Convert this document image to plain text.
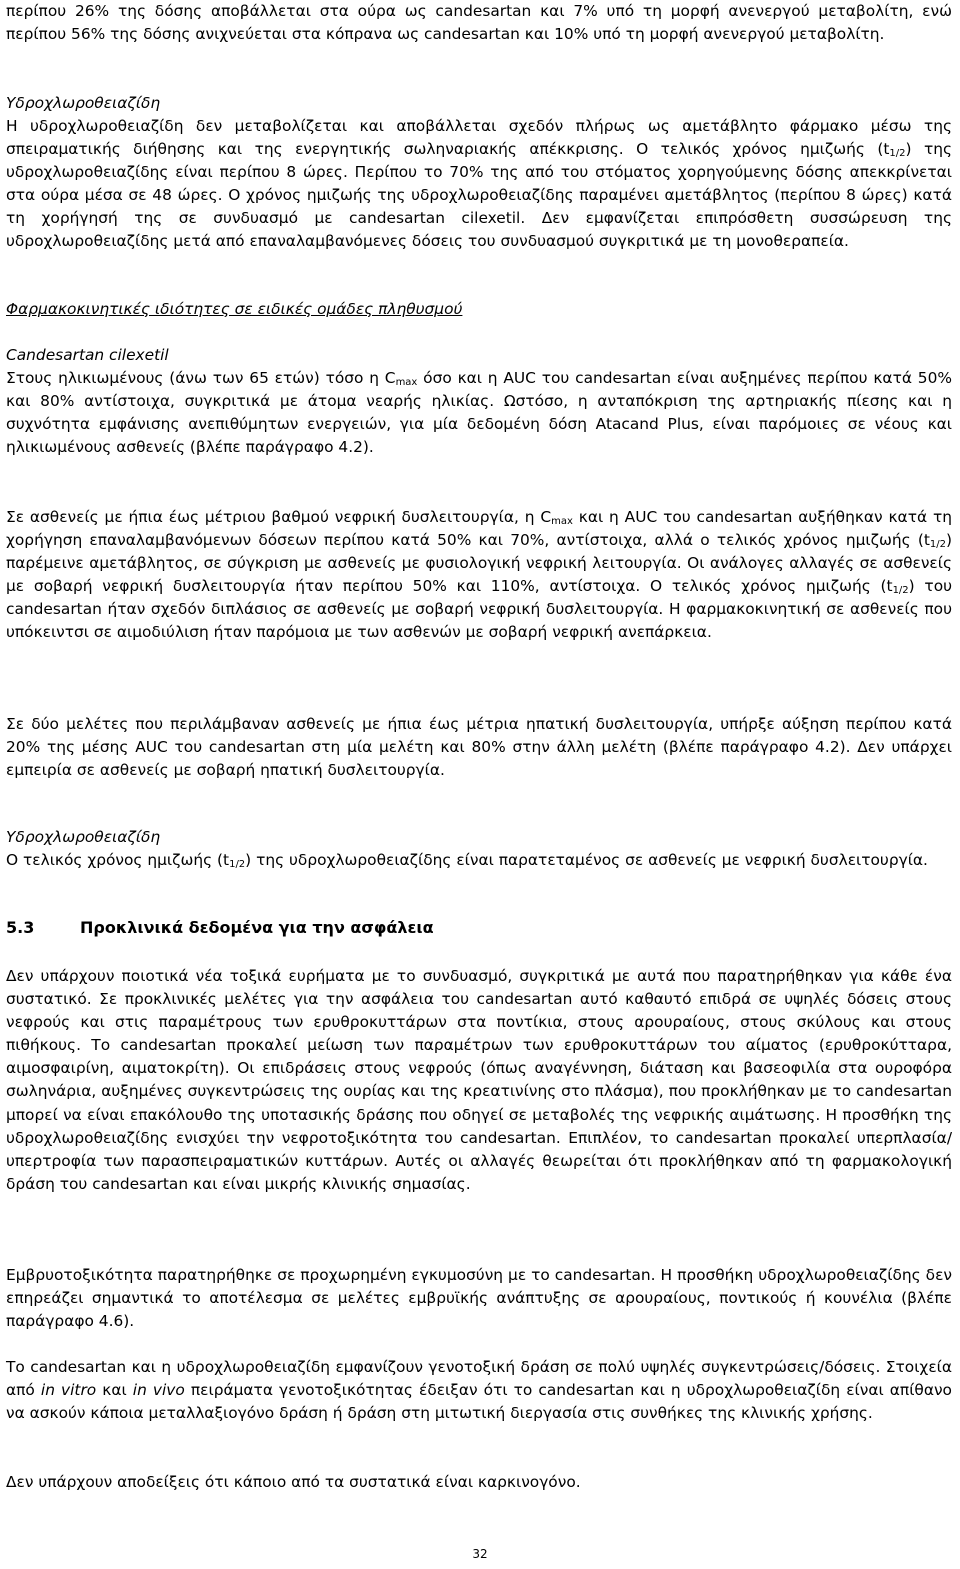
περίπου 26% της δόσης αποβάλλεται στα ούρα ως candesartan και 7% υπό τη μορφή ανενεργού μεταβολίτη, ενώ περίπου 56% της δόσης ανιχνεύεται στα κόπρανα ως candesartan και 10% υπό τη μορφή ανενεργού μεταβολίτη.

Υδροχλωροθειαζίδη

Η υδροχλωροθειαζίδη δεν μεταβολίζεται και αποβάλλεται σχεδόν πλήρως ως αμετάβλητο φάρμακο μέσω της σπειραματικής διήθησης και της ενεργητικής σωληναριακής απέκκρισης. Ο τελικός χρόνος ημιζωής $(t_{1/2})$ της υδροχλωροθειαζίδης είναι περίπου 8 ώρες. Περίπου το 70% της από του στόματος χορηγούμενης δόσης απεκκρίνεται στα ούρα μέσα σε 48 ώρες. Ο χρόνος ημιζωής της υδροχλωροθειαζίδης παραμένει αμετάβλητος (περίπου 8 ώρες) κατά τη χορήγησή της σε συνδυασμό με candesartan cilexetil. Δεν εμφανίζεται επιπρόσθετη συσσώρευση της υδροχλωροθειαζίδης μετά από επαναλαμβανόμενες δόσεις του συνδυασμού συγκριτικά με τη μονοθεραπεία.

Φαρμακοκινητικές ιδιότητες σε ειδικές ομάδες πληθυσμού
Candesartan cilexetil

Στους ηλικιωμένους (άνω των 65 ετών) τόσο η $C_{max}$ όσο και η AUC του candesartan είναι αυξημένες περίπου κατά 50% και 80% αντίστοιχα, συγκριτικά με άτομα νεαρής ηλικίας. Ωστόσο, η ανταπόκριση της αρτηριακής πίεσης και η συχνότητα εμφάνισης ανεπιθύμητων ενεργειών, για μία δεδομένη δόση Atacand Plus, είναι παρόμοιες σε νέους και ηλικιωμένους ασθενείς (βλέπε παράγραφο 4.2).

Σε ασθενείς με ήπια έως μέτριου βαθμού νεφρική δυσλειτουργία, η $C_{max}$ και η AUC του candesartan αυξήθηκαν κατά τη χορήγηση επαναλαμβανόμενων δόσεων περίπου κατά 50% και 70%, αντίστοιχα, αλλά ο τελικός χρόνος ημιζωής $(t_{1/2})$ παρέμεινε αμετάβλητος, σε σύγκριση με ασθενείς με φυσιολογική νεφρική λειτουργία. Οι ανάλογες αλλαγές σε ασθενείς με σοβαρή νεφρική δυσλειτουργία ήταν περίπου 50% και 110%, αντίστοιχα. Ο τελικός χρόνος ημιζωής $(t_{1/2})$ του candesartan ήταν σχεδόν διπλάσιος σε ασθενείς με σοβαρή νεφρική δυσλειτουργία. Η φαρμακοκινητική σε ασθενείς που υπόκειντσι σε αιμοδιύλιση ήταν παρόμοια με των ασθενών με σοβαρή νεφρική ανεπάρκεια.

Σε δύο μελέτες που περιλάμβαναν ασθενείς με ήπια έως μέτρια ηπατική δυσλειτουργία, υπήρξε αύξηση περίπου κατά 20% της μέσης AUC του candesartan στη μία μελέτη και 80% στην άλλη μελέτη (βλέπε παράγραφο 4.2). Δεν υπάρχει εμπειρία σε ασθενείς με σοβαρή ηπατική δυσλειτουργία.

Υδροχλωροθειαζίδη

Ο τελικός χρόνος ημιζωής $(t_{1/2})$ της υδροχλωροθειαζίδης είναι παρατεταμένος σε ασθενείς με νεφρική δυσλειτουργία.

5.3	Προκλινικά δεδομένα για την ασφάλεια

Δεν υπάρχουν ποιοτικά νέα τοξικά ευρήματα με το συνδυασμό, συγκριτικά με αυτά που παρατηρήθηκαν για κάθε ένα συστατικό. Σε προκλινικές μελέτες για την ασφάλεια του candesartan αυτό καθαυτό επιδρά σε υψηλές δόσεις στους νεφρούς και στις παραμέτρους των ερυθροκυττάρων στα ποντίκια, στους αρουραίους, στους σκύλους και στους πιθήκους. Το candesartan προκαλεί μείωση των παραμέτρων των ερυθροκυττάρων του αίματος (ερυθροκύτταρα, αιμοσφαιρίνη, αιματοκρίτη). Οι επιδράσεις στους νεφρούς (όπως αναγέννηση, διάταση και βασεοφιλία στα ουροφόρα σωληνάρια, αυξημένες συγκεντρώσεις της ουρίας και της κρεατινίνης στο πλάσμα), που προκλήθηκαν με το candesartan μπορεί να είναι επακόλουθο της υποτασικής δράσης που οδηγεί σε μεταβολές της νεφρικής αιμάτωσης. Η προσθήκη της υδροχλωροθειαζίδης ενισχύει την νεφροτοξικότητα του candesartan. Επιπλέον, το candesartan προκαλεί υπερπλασία/υπερτροφία των παρασπειραματικών κυττάρων. Αυτές οι αλλαγές θεωρείται ότι προκλήθηκαν από τη φαρμακολογική δράση του candesartan και είναι μικρής κλινικής σημασίας.

Εμβρυοτοξικότητα παρατηρήθηκε σε προχωρημένη εγκυμοσύνη με το candesartan. Η προσθήκη υδροχλωροθειαζίδης δεν επηρεάζει σημαντικά το αποτέλεσμα σε μελέτες εμβρυϊκής ανάπτυξης σε αρουραίους, ποντικούς ή κουνέλια (βλέπε παράγραφο 4.6).

Το candesartan και η υδροχλωροθειαζίδη εμφανίζουν γενοτοξική δράση σε πολύ υψηλές συγκεντρώσεις/δόσεις. Στοιχεία από in vitro και in vivo πειράματα γενοτοξικότητας έδειξαν ότι το candesartan και η υδροχλωροθειαζίδη είναι απίθανο να ασκούν κάποια μεταλλαξιογόνο δράση ή δράση στη μιτωτική διεργασία στις συνθήκες της κλινικής χρήσης.

Δεν υπάρχουν αποδείξεις ότι κάποιο από τα συστατικά είναι καρκινογόνο.

32
